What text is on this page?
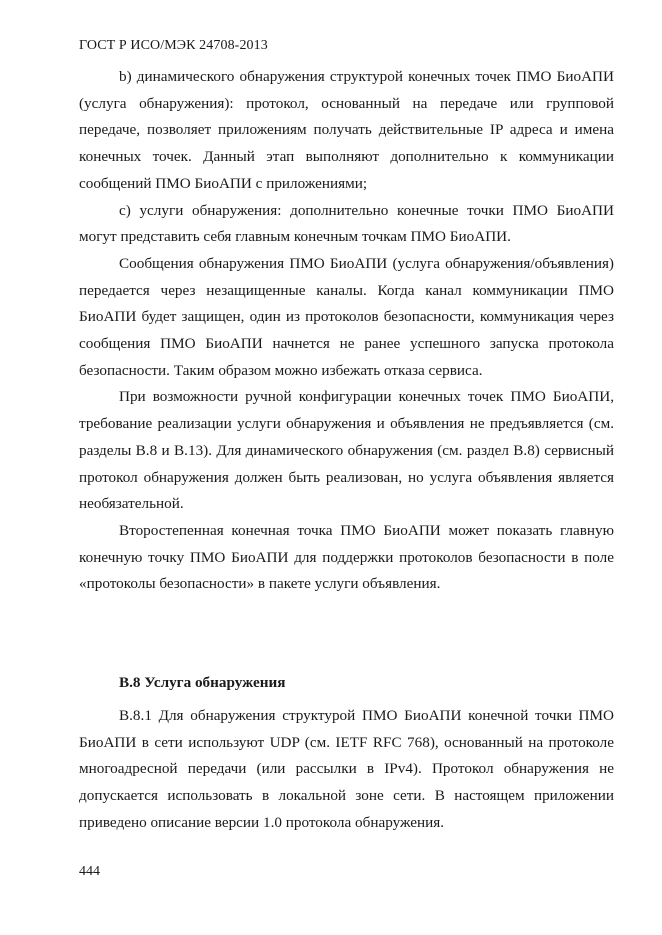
ГОСТ Р ИСО/МЭК 24708-2013

b) динамического обнаружения структурой конечных точек ПМО БиоАПИ (услуга обнаружения): протокол, основанный на передаче или групповой передаче, позволяет приложениям получать действительные IP адреса и имена конечных точек. Данный этап выполняют дополнительно к коммуникации сообщений ПМО БиоАПИ с приложениями;

c) услуги обнаружения: дополнительно конечные точки ПМО БиоАПИ могут представить себя главным конечным точкам ПМО БиоАПИ.

Сообщения обнаружения ПМО БиоАПИ (услуга обнаружения/объявления) передается через незащищенные каналы. Когда канал коммуникации ПМО БиоАПИ будет защищен, один из протоколов безопасности, коммуникация через сообщения ПМО БиоАПИ начнется не ранее успешного запуска протокола безопасности. Таким образом можно избежать отказа сервиса.

При возможности ручной конфигурации конечных точек ПМО БиоАПИ, требование реализации услуги обнаружения и объявления не предъявляется (см. разделы В.8 и В.13). Для динамического обнаружения (см. раздел В.8) сервисный протокол обнаружения должен быть реализован, но услуга объявления является необязательной.

Второстепенная конечная точка ПМО БиоАПИ может показать главную конечную точку ПМО БиоАПИ для поддержки протоколов безопасности в поле «протоколы безопасности» в пакете услуги объявления.

В.8 Услуга обнаружения

В.8.1 Для обнаружения структурой ПМО БиоАПИ конечной точки ПМО БиоАПИ в сети используют UDP (см. IETF RFC 768), основанный на протоколе многоадресной передачи (или рассылки в IPv4). Протокол обнаружения не допускается использовать в локальной зоне сети. В настоящем приложении приведено описание версии 1.0 протокола обнаружения.

444
